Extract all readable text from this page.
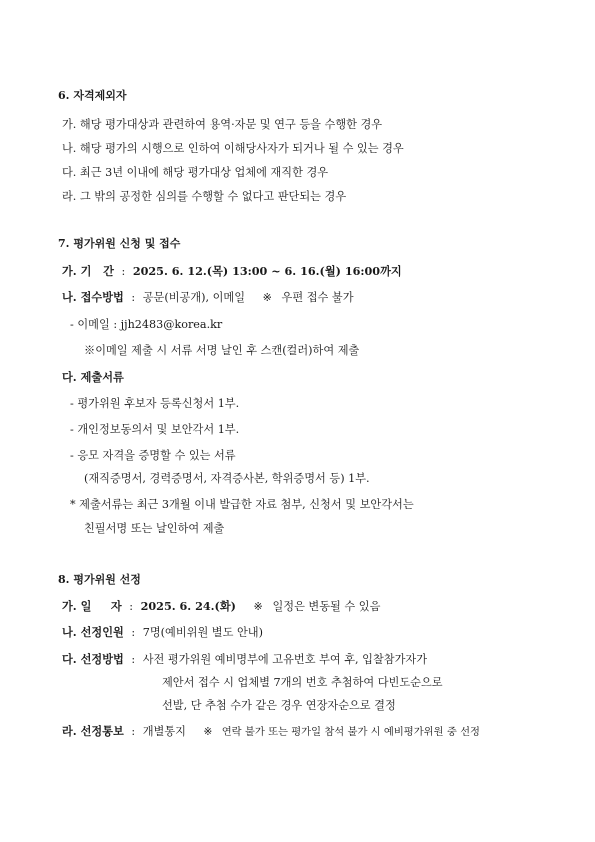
6. 자격제외자
가. 해당 평가대상과 관련하여 용역·자문 및 연구 등을 수행한 경우
나. 해당 평가의 시행으로 인하여 이해당사자가 되거나 될 수 있는 경우
다. 최근 3년 이내에 해당 평가대상 업체에 재직한 경우
라. 그 밖의 공정한 심의를 수행할 수 없다고 판단되는 경우
7. 평가위원 신청 및 접수
가. 기   간 : 2025. 6. 12.(목) 13:00 ~ 6. 16.(월) 16:00까지
나. 접수방법 : 공문(비공개), 이메일 ※ 우편 접수 불가
- 이메일 : jjh2483@korea.kr
※이메일 제출 시 서류 서명 날인 후 스캔(컬러)하여 제출
다. 제출서류
- 평가위원 후보자 등록신청서 1부.
- 개인정보동의서 및 보안각서 1부.
- 응모 자격을 증명할 수 있는 서류
(재직증명서, 경력증명서, 자격증사본, 학위증명서 등) 1부.
* 제출서류는 최근 3개월 이내 발급한 자료 첨부, 신청서 및 보안각서는
친필서명 또는 날인하여 제출
8. 평가위원 선정
가. 일     자 : 2025. 6. 24.(화) ※ 일정은 변동될 수 있음
나. 선정인원 : 7명(예비위원 별도 안내)
다. 선정방법 : 사전 평가위원 예비명부에 고유번호 부여 후, 입찰참가자가
제안서 접수 시 업체별 7개의 번호 추첨하여 다빈도순으로
선발, 단 추첨 수가 같은 경우 연장자순으로 결정
라. 선정통보 : 개별통지 ※ 연락 불가 또는 평가일 참석 불가 시 예비평가위원 중 선정
